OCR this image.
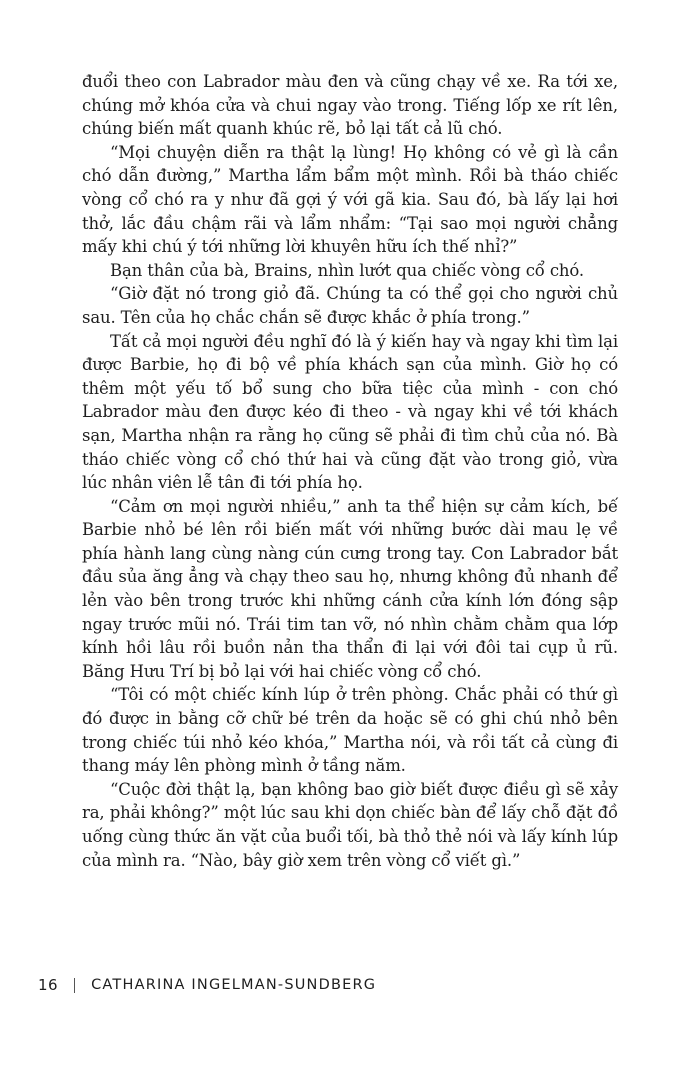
đuổi theo con Labrador màu đen và cũng chạy về xe. Ra tới xe, chúng mở khóa cửa và chui ngay vào trong. Tiếng lốp xe rít lên, chúng biến mất quanh khúc rẽ, bỏ lại tất cả lũ chó.

“Mọi chuyện diễn ra thật lạ lùng! Họ không có vẻ gì là cần chó dẫn đường,” Martha lẩm bẩm một mình. Rồi bà tháo chiếc vòng cổ chó ra y như đã gợi ý với gã kia. Sau đó, bà lấy lại hơi thở, lắc đầu chậm rãi và lẩm nhẩm: “Tại sao mọi người chẳng mấy khi chú ý tới những lời khuyên hữu ích thế nhỉ?”

Bạn thân của bà, Brains, nhìn lướt qua chiếc vòng cổ chó.

“Giờ đặt nó trong giỏ đã. Chúng ta có thể gọi cho người chủ sau. Tên của họ chắc chắn sẽ được khắc ở phía trong.”

Tất cả mọi người đều nghĩ đó là ý kiến hay và ngay khi tìm lại được Barbie, họ đi bộ về phía khách sạn của mình. Giờ họ có thêm một yếu tố bổ sung cho bữa tiệc của mình - con chó Labrador màu đen được kéo đi theo - và ngay khi về tới khách sạn, Martha nhận ra rằng họ cũng sẽ phải đi tìm chủ của nó. Bà tháo chiếc vòng cổ chó thứ hai và cũng đặt vào trong giỏ, vừa lúc nhân viên lễ tân đi tới phía họ.

“Cảm ơn mọi người nhiều,” anh ta thể hiện sự cảm kích, bế Barbie nhỏ bé lên rồi biến mất với những bước dài mau lẹ về phía hành lang cùng nàng cún cưng trong tay. Con Labrador bắt đầu sủa ăng ẳng và chạy theo sau họ, nhưng không đủ nhanh để lẻn vào bên trong trước khi những cánh cửa kính lớn đóng sập ngay trước mũi nó. Trái tim tan vỡ, nó nhìn chằm chằm qua lớp kính hồi lâu rồi buồn nản tha thẩn đi lại với đôi tai cụp ủ rũ. Băng Hưu Trí bị bỏ lại với hai chiếc vòng cổ chó.

“Tôi có một chiếc kính lúp ở trên phòng. Chắc phải có thứ gì đó được in bằng cỡ chữ bé trên da hoặc sẽ có ghi chú nhỏ bên trong chiếc túi nhỏ kéo khóa,” Martha nói, và rồi tất cả cùng đi thang máy lên phòng mình ở tầng năm.

“Cuộc đời thật lạ, bạn không bao giờ biết được điều gì sẽ xảy ra, phải không?” một lúc sau khi dọn chiếc bàn để lấy chỗ đặt đồ uống cùng thức ăn vặt của buổi tối, bà thỏ thẻ nói và lấy kính lúp của mình ra. “Nào, bây giờ xem trên vòng cổ viết gì.”

16 CATHARINA INGELMAN-SUNDBERG
